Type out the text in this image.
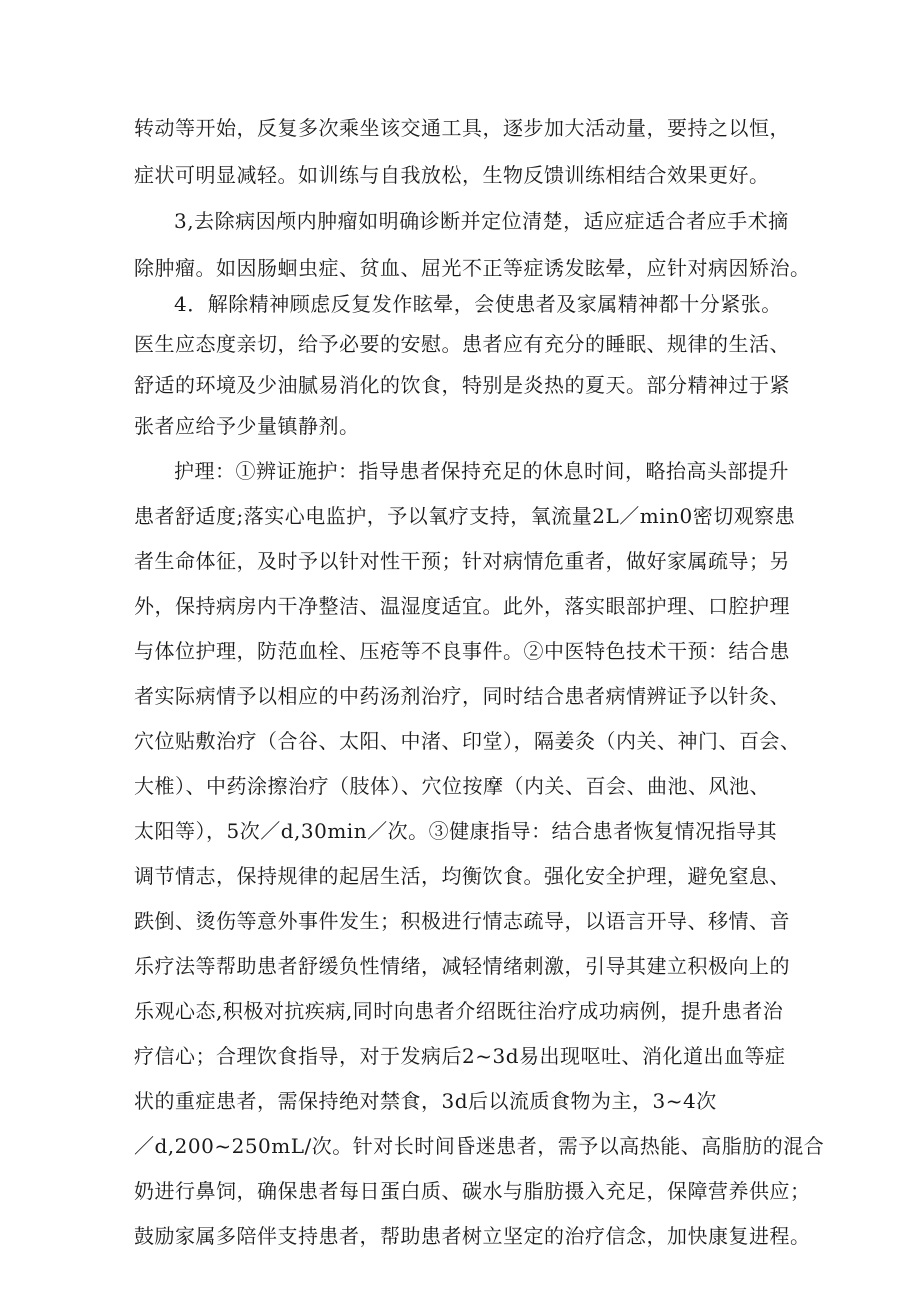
转动等开始，反复多次乘坐该交通工具，逐步加大活动量，要持之以恒，
症状可明显减轻。如训练与自我放松，生物反馈训练相结合效果更好。
3,去除病因颅内肿瘤如明确诊断并定位清楚，适应症适合者应手术摘
除肿瘤。如因肠蛔虫症、贫血、屈光不正等症诱发眩晕，应针对病因矫治。
4．解除精神顾虑反复发作眩晕，会使患者及家属精神都十分紧张。
医生应态度亲切，给予必要的安慰。患者应有充分的睡眠、规律的生活、
舒适的环境及少油腻易消化的饮食，特别是炎热的夏天。部分精神过于紧
张者应给予少量镇静剂。
护理：①辨证施护：指导患者保持充足的休息时间，略抬高头部提升
患者舒适度;落实心电监护，予以氧疗支持，氧流量2L／min0密切观察患
者生命体征，及时予以针对性干预；针对病情危重者，做好家属疏导；另
外，保持病房内干净整洁、温湿度适宜。此外，落实眼部护理、口腔护理
与体位护理，防范血栓、压疮等不良事件。②中医特色技术干预：结合患
者实际病情予以相应的中药汤剂治疗，同时结合患者病情辨证予以针灸、
穴位贴敷治疗（合谷、太阳、中渚、印堂），隔姜灸（内关、神门、百会、
大椎）、中药涂擦治疗（肢体）、穴位按摩（内关、百会、曲池、风池、
太阳等），5次／d,30min／次。③健康指导：结合患者恢复情况指导其
调节情志，保持规律的起居生活，均衡饮食。强化安全护理，避免窒息、
跌倒、烫伤等意外事件发生；积极进行情志疏导，以语言开导、移情、音
乐疗法等帮助患者舒缓负性情绪，减轻情绪刺激，引导其建立积极向上的
乐观心态,积极对抗疾病,同时向患者介绍既往治疗成功病例，提升患者治
疗信心；合理饮食指导，对于发病后2~3d易出现呕吐、消化道出血等症
状的重症患者，需保持绝对禁食，3d后以流质食物为主，3~4次
／d,200~250mL/次。针对长时间昏迷患者，需予以高热能、高脂肪的混合
奶进行鼻饲，确保患者每日蛋白质、碳水与脂肪摄入充足，保障营养供应；
鼓励家属多陪伴支持患者，帮助患者树立坚定的治疗信念，加快康复进程。
